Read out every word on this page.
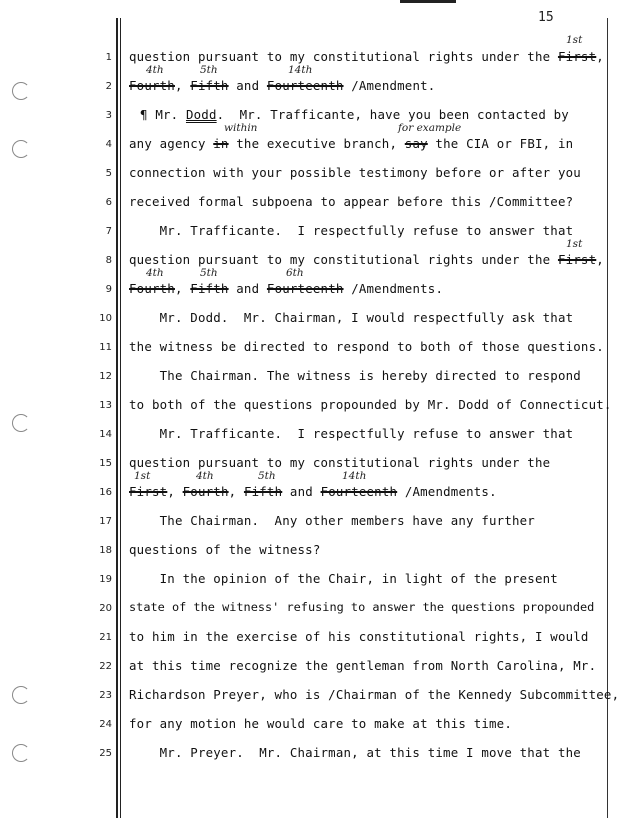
15
1
2
3
4
5
6
7
8
9
10
11
12
13
14
15
16
17
18
19
20
21
22
23
24
25
question pursuant to my constitutional rights under the First,
Fourth, Fifth and Fourteenth /Amendment.
¶ Mr. Dodd.  Mr. Trafficante, have you been contacted by
any agency in the executive branch, say the CIA or FBI, in
connection with your possible testimony before or after you
received formal subpoena to appear before this /Committee?
Mr. Trafficante.  I respectfully refuse to answer that
question pursuant to my constitutional rights under the First,
Fourth, Fifth and Fourteenth /Amendments.
Mr. Dodd.  Mr. Chairman, I would respectfully ask that
the witness be directed to respond to both of those questions.
The Chairman. The witness is hereby directed to respond
to both of the questions propounded by Mr. Dodd of Connecticut.
Mr. Trafficante.  I respectfully refuse to answer that
question pursuant to my constitutional rights under the
First, Fourth, Fifth and Fourteenth /Amendments.
The Chairman.  Any other members have any further
questions of the witness?
In the opinion of the Chair, in light of the present
state of the witness' refusing to answer the questions propounded
to him in the exercise of his constitutional rights, I would
at this time recognize the gentleman from North Carolina, Mr.
Richardson Preyer, who is /Chairman of the Kennedy Subcommittee,
for any motion he would care to make at this time.
Mr. Preyer.  Mr. Chairman, at this time I move that the
1st
4th	5th	14th
within	for example
1st
4th	5th	6th
1st	4th	5th	14th
